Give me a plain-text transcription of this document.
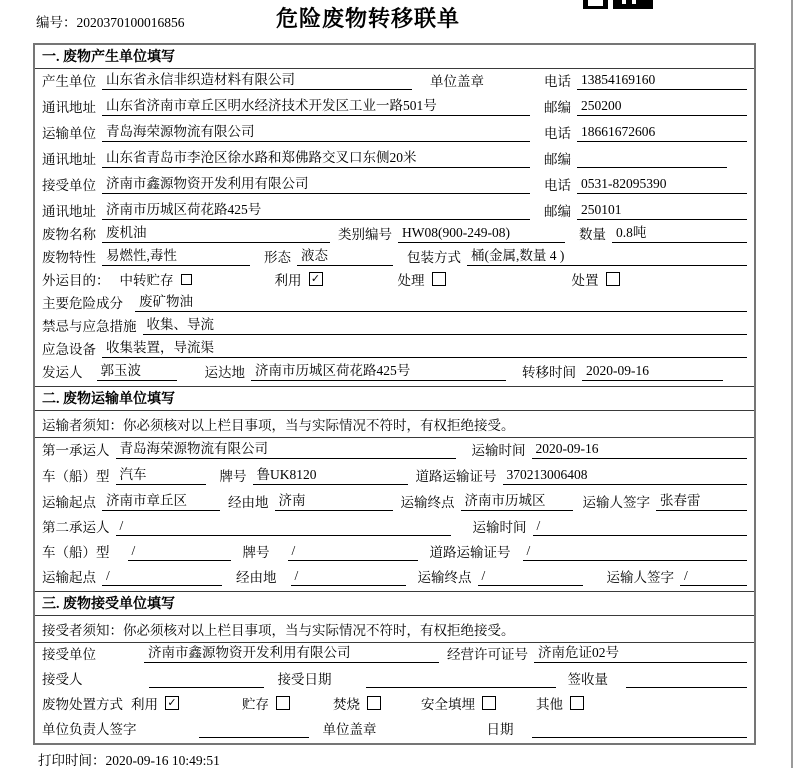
编号：2020370100016856	危险废物转移联单
一. 废物产生单位填写
产生单位 山东省永信非织造材料有限公司	单位盖章	电话 13854169160
通讯地址 山东省济南市章丘区明水经济技术开发区工业一路501号	邮编 250200
运输单位 青岛海荣源物流有限公司	电话 18661672606
通讯地址 山东省青岛市李沧区徐水路和郑佛路交叉口东侧20米	邮编
接受单位 济南市鑫源物资开发利用有限公司	电话 0531-82095390
通讯地址 济南市历城区荷花路425号	邮编 250101
废物名称 废机油	类别编号 HW08(900-249-08)	数量 0.8吨
废物特性 易燃性,毒性	形态 液态	包装方式 桶(金属,数量 4 )
外运目的： 中转贮存	利用 ✓	处理	处置
主要危险成分 废矿物油
禁忌与应急措施 收集、导流
应急设备 收集装置，导流渠
发运人 郭玉波	运达地 济南市历城区荷花路425号	转移时间 2020-09-16
二. 废物运输单位填写
运输者须知：你必须核对以上栏目事项，当与实际情况不符时，有权拒绝接受。
第一承运人 青岛海荣源物流有限公司	运输时间 2020-09-16
车（船）型 汽车	牌号 鲁UK8120	道路运输证号 370213006408
运输起点 济南市章丘区	经由地 济南	运输终点 济南市历城区	运输人签字 张春雷
第二承运人 /	运输时间 /
车（船）型 /	牌号 /	道路运输证号 /
运输起点 /	经由地 /	运输终点 /	运输人签字 /
三. 废物接受单位填写
接受者须知：你必须核对以上栏目事项，当与实际情况不符时，有权拒绝接受。
接受单位	济南市鑫源物资开发利用有限公司	经营许可证号 济南危证02号
接受人	接受日期	签收量
废物处置方式 利用 ✓	贮存	焚烧	安全填埋	其他
单位负责人签字	单位盖章	日期
打印时间：2020-09-16 10:49:51
